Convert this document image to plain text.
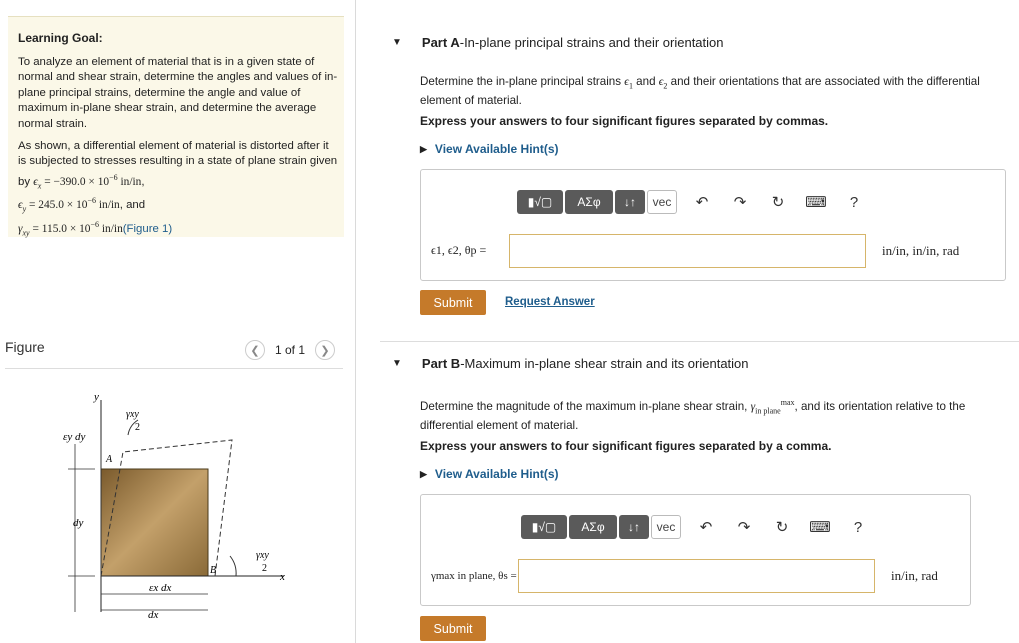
Learning Goal:
To analyze an element of material that is in a given state of normal and shear strain, determine the angles and values of in-plane principal strains, determine the angle and value of maximum in-plane shear strain, and determine the average normal strain.
As shown, a differential element of material is distorted after it is subjected to stresses resulting in a state of plane strain given by $\epsilon_x = -390.0 \times 10^{-6}$ in/in,
$\epsilon_y = 245.0 \times 10^{-6}$ in/in, and
$\gamma_{xy} = 115.0 \times 10^{-6}$ in/in(Figure 1)
Figure	❮ 1 of 1 ❯
y
x
A
B
γxy
2
γxy
2
εy dy
dy
εx dx
dx
▼ Part A - In-plane principal strains and their orientation
Determine the in-plane principal strains $\epsilon_1$ and $\epsilon_2$ and their orientations that are associated with the differential element of material.
Express your answers to four significant figures separated by commas.
▶ View Available Hint(s)
▮√▢	ΑΣφ	↓↑	vec	↶	↷	↻	⌨	?
ϵ1, ϵ2, θp =	in/in, in/in, rad
Submit	Request Answer
▼ Part B - Maximum in-plane shear strain and its orientation
Determine the magnitude of the maximum in-plane shear strain, $\gamma_{in plane}^{max}$, and its orientation relative to the differential element of material.
Express your answers to four significant figures separated by a comma.
▶ View Available Hint(s)
▮√▢	ΑΣφ	↓↑	vec	↶	↷	↻	⌨	?
γmax in plane, θs =	in/in, rad
Submit
